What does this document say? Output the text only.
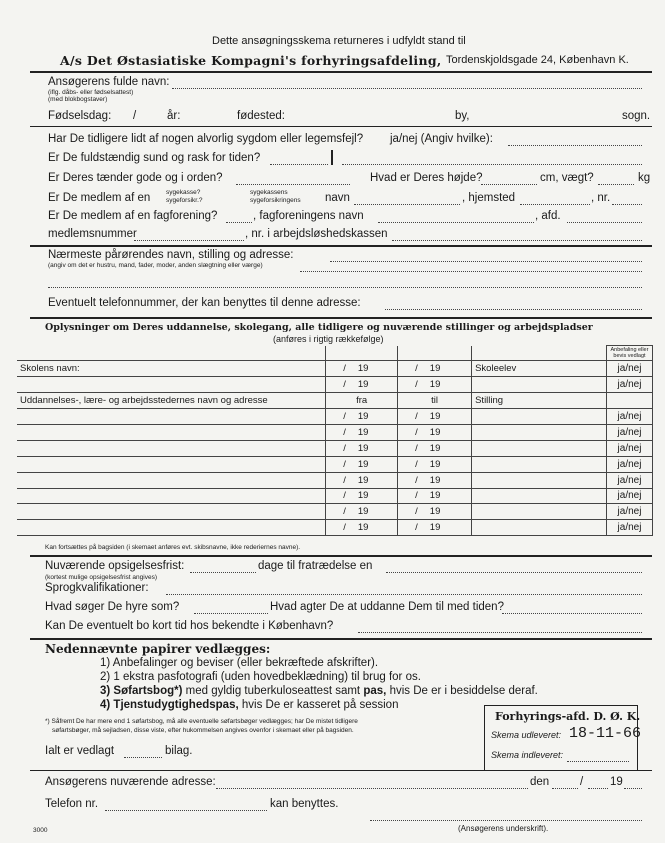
Dette ansøgningsskema returneres i udfyldt stand til
A/s Det Østasiatiske Kompagni's forhyringsafdeling, Tordenskjoldsgade 24, København K.
Ansøgerens fulde navn:
(iflg. dåbs- eller fødselsattest)
(med blokbogstaver)
Fødselsdag: /	år:	fødested:	by,	sogn.
Har De tidligere lidt af nogen alvorlig sygdom eller legemsfejl? ja/nej (Angiv hvilke):
Er De fuldstændig sund og rask for tiden?
Er Deres tænder gode og i orden?	Hvad er Deres højde?	cm, vægt?	kg
Er De medlem af en sygekasse?
sygeforsikr.?
sygekassens
sygeforsikringens navn	, hjemsted	, nr.
Er De medlem af en fagforening?	, fagforeningens navn	, afd.
medlemsnummer	, nr. i arbejdsløshedskassen
Nærmeste pårørendes navn, stilling og adresse:
(angiv om det er hustru, mand, fader, moder, anden slægtning eller værge)
Eventuelt telefonnummer, der kan benyttes til denne adresse:
Oplysninger om Deres uddannelse, skolegang, alle tidligere og nuværende stillinger og arbejdspladser
(anføres i rigtig rækkefølge)
				Anbefaling eller bevis vedlagt
Skolens navn:	/ 19	/ 19	Skoleelev	ja/nej
	/ 19	/ 19		ja/nej
Uddannelses-, lære- og arbejdsstedernes navn og adresse	fra	til	Stilling	
	/ 19	/ 19		ja/nej
	/ 19	/ 19		ja/nej
	/ 19	/ 19		ja/nej
	/ 19	/ 19		ja/nej
	/ 19	/ 19		ja/nej
	/ 19	/ 19		ja/nej
	/ 19	/ 19		ja/nej
	/ 19	/ 19		ja/nej
Kan fortsættes på bagsiden (i skemaet anføres evt. skibsnavne, ikke rederiernes navne).
Nuværende opsigelsesfrist:	dage til fratrædelse en
(kortest mulige opsigelsesfrist angives)
Sprogkvalifikationer:
Hvad søger De hyre som?	Hvad agter De at uddanne Dem til med tiden?
Kan De eventuelt bo kort tid hos bekendte i København?
Nedennævnte papirer vedlægges:
1) Anbefalinger og beviser (eller bekræftede afskrifter).
2) 1 ekstra pasfotografi (uden hovedbeklædning) til brug for os.
3) Søfartsbog*) med gyldig tuberkuloseattest samt pas, hvis De er i besiddelse deraf.
4) Tjenstudygtighedspas, hvis De er kasseret på session
*) Såfremt De har mere end 1 søfartsbog, må alle eventuelle søfartsbøger vedlægges; har De mistet tidligere
søfartsbøger, må sejladsen, disse viste, efter hukommelsen angives ovenfor i skemaet eller på bagsiden.
Ialt er vedlagt	bilag.
Forhyrings-afd. D. Ø. K.
Skema udleveret: 18-11-66
Skema indleveret:
Ansøgerens nuværende adresse:	den	/ 19
Telefon nr.	kan benyttes.
(Ansøgerens underskrift).
3000
